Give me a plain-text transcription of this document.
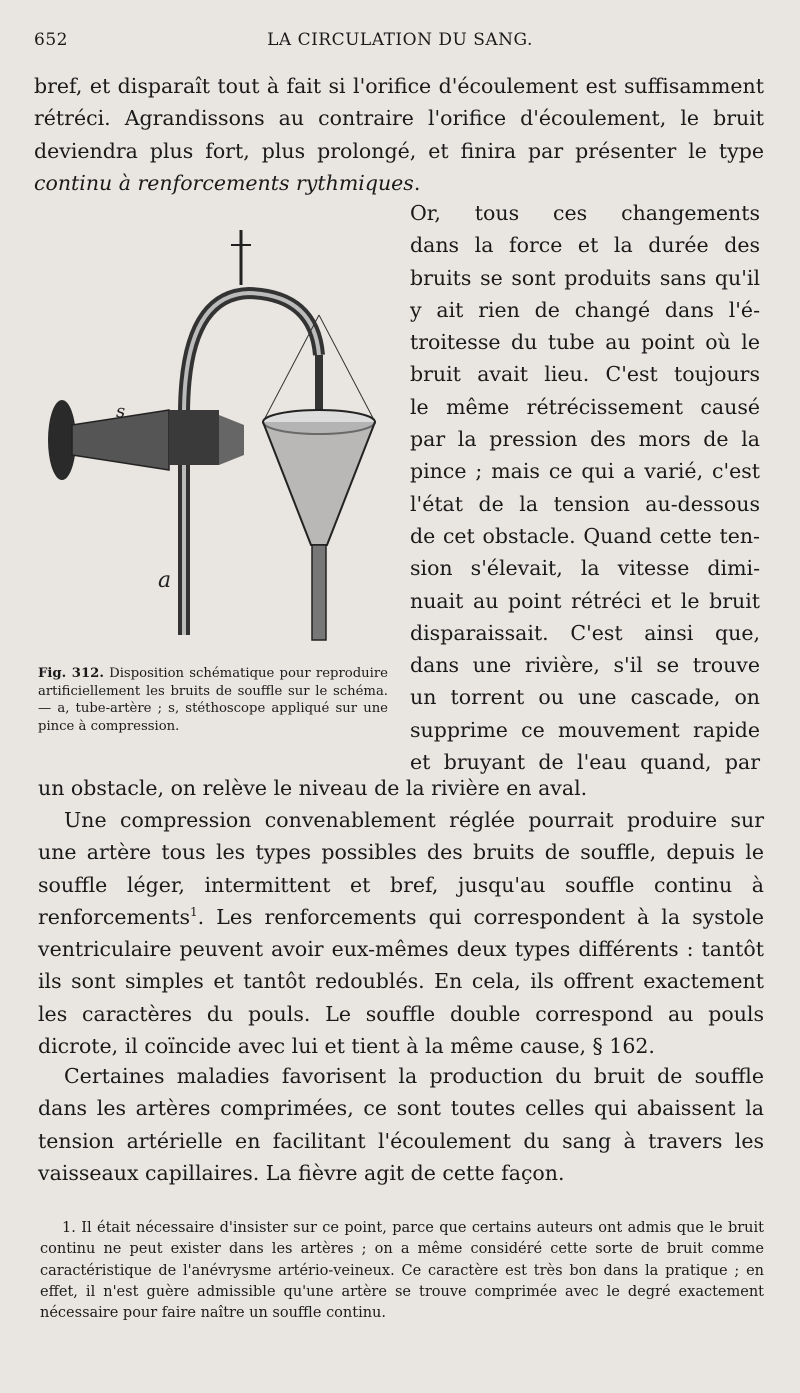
652	LA CIRCULATION DU SANG.
bref, et disparaît tout à fait si l'orifice d'écoulement est suffisamment rétréci. Agrandissons au contraire l'orifice d'écoulement, le bruit deviendra plus fort, plus prolongé, et finira par présenter le type continu à renforcements rythmiques.
s
a
Fig. 312. Disposition schématique pour reproduire artificiellement les bruits de souffle sur le schéma. — a, tube-artère ; s, stéthoscope appliqué sur une pince à compression.

Or, tous ces changements
dans la force et la durée des
bruits se sont produits sans qu'il
y ait rien de changé dans l'é-
troitesse du tube au point où le
bruit avait lieu. C'est toujours
le même rétrécissement causé
par la pression des mors de la
pince ; mais ce qui a varié, c'est
l'état de la tension au-dessous
de cet obstacle. Quand cette ten-
sion s'élevait, la vitesse dimi-
nuait au point rétréci et le bruit
disparaissait. C'est ainsi que,
dans une rivière, s'il se trouve
un torrent ou une cascade, on
supprime ce mouvement rapide
et bruyant de l'eau quand, par

un obstacle, on relève le niveau de la rivière en aval.
Une compression convenablement réglée pourrait produire sur une artère tous les types possibles des bruits de souffle, depuis le souffle léger, intermittent et bref, jusqu'au souffle continu à renforcements$^1$. Les renforcements qui correspondent à la systole ventriculaire peuvent avoir eux-mêmes deux types différents : tantôt ils sont simples et tantôt redoublés. En cela, ils offrent exactement les caractères du pouls. Le souffle double correspond au pouls dicrote, il coïncide avec lui et tient à la même cause, § 162.
Certaines maladies favorisent la production du bruit de souffle dans les artères comprimées, ce sont toutes celles qui abaissent la tension artérielle en facilitant l'écoulement du sang à travers les vaisseaux capillaires. La fièvre agit de cette façon.
1. Il était nécessaire d'insister sur ce point, parce que certains auteurs ont admis que le bruit continu ne peut exister dans les artères ; on a même considéré cette sorte de bruit comme caractéristique de l'anévrysme artério-veineux. Ce caractère est très bon dans la pratique ; en effet, il n'est guère admissible qu'une artère se trouve comprimée avec le degré exactement nécessaire pour faire naître un souffle continu.
